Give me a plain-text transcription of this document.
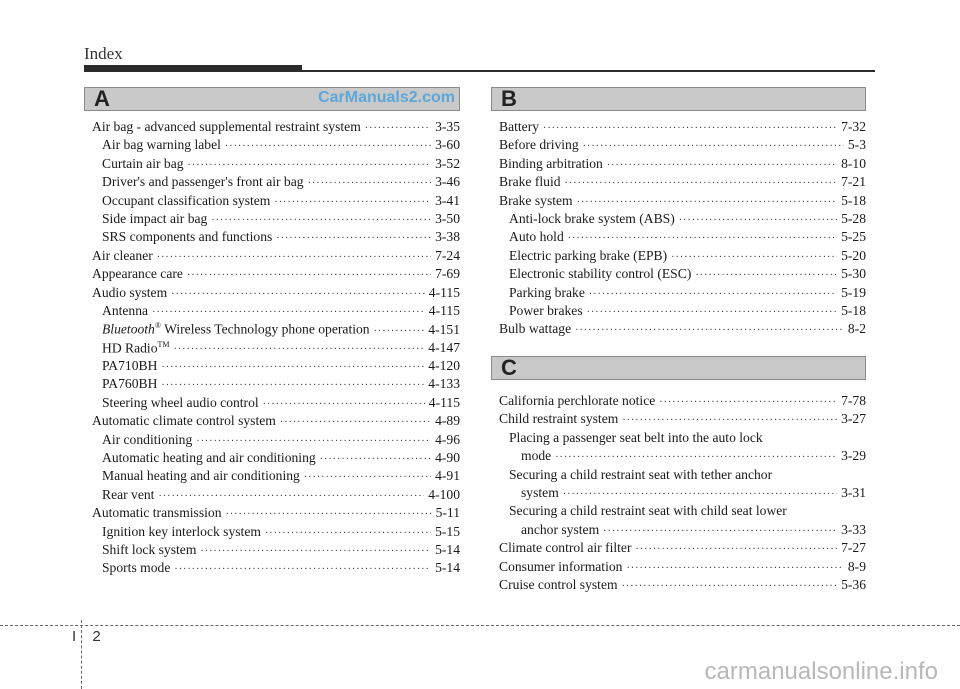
Index
A	CarManuals2.com
Air bag - advanced supplemental restraint system ·····	3-35
Air bag warning label ·····	3-60
Curtain air bag ·····	3-52
Driver's and passenger's front air bag ·····	3-46
Occupant classification system ·····	3-41
Side impact air bag ·····	3-50
SRS components and functions ·····	3-38
Air cleaner ·····	7-24
Appearance care ·····	7-69
Audio system ·····	4-115
Antenna ·····	4-115
Bluetooth® Wireless Technology phone operation ·····	4-151
HD Radio™ ·····	4-147
PA710BH ·····	4-120
PA760BH ·····	4-133
Steering wheel audio control ·····	4-115
Automatic climate control system ·····	4-89
Air conditioning ·····	4-96
Automatic heating and air conditioning ·····	4-90
Manual heating and air conditioning ·····	4-91
Rear vent ·····	4-100
Automatic transmission ·····	5-11
Ignition key interlock system ·····	5-15
Shift lock system ·····	5-14
Sports mode ·····	5-14
B
Battery ·····	7-32
Before driving ·····	5-3
Binding arbitration ·····	8-10
Brake fluid ·····	7-21
Brake system ·····	5-18
Anti-lock brake system (ABS) ·····	5-28
Auto hold ·····	5-25
Electric parking brake (EPB) ·····	5-20
Electronic stability control (ESC) ·····	5-30
Parking brake ·····	5-19
Power brakes ·····	5-18
Bulb wattage ·····	8-2
C
California perchlorate notice ·····	7-78
Child restraint system ·····	3-27
Placing a passenger seat belt into the auto lock
mode ·····	3-29
Securing a child restraint seat with tether anchor
system ·····	3-31
Securing a child restraint seat with child seat lower
anchor system ·····	3-33
Climate control air filter ·····	7-27
Consumer information ·····	8-9
Cruise control system ·····	5-36
I 2
carmanualsonline.info
